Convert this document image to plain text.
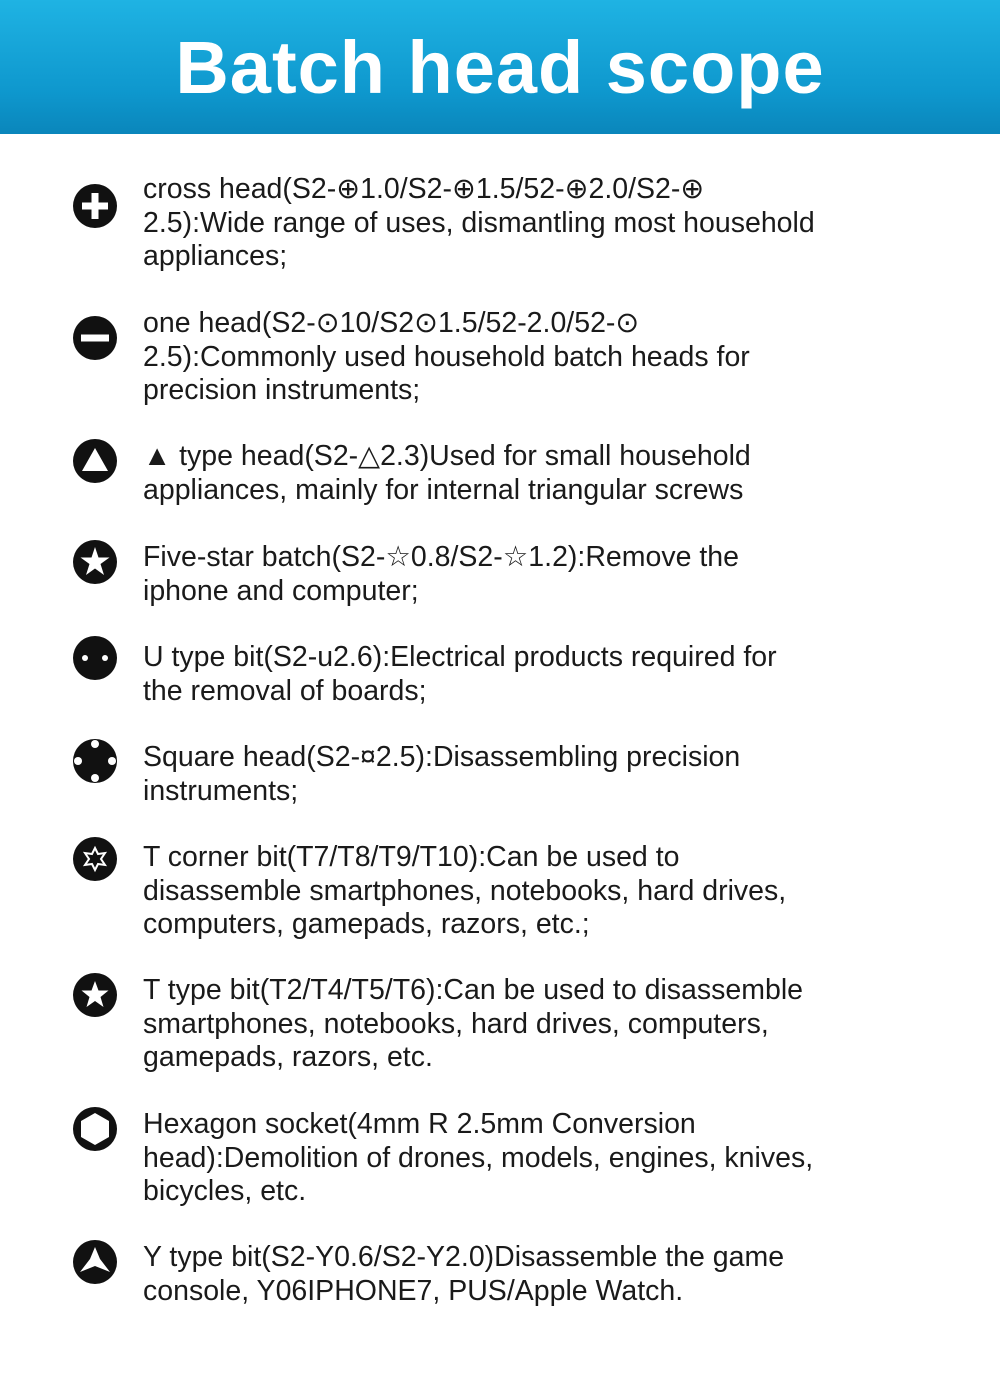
Batch head scope
cross head(S2-⊕1.0/S2-⊕1.5/52-⊕2.0/S2-⊕
2.5):Wide range of uses, dismantling most household
appliances;
one head(S2-⊙10/S2⊙1.5/52-2.0/52-⊙
2.5):Commonly used household batch heads for
precision instruments;
▲ type head(S2-△2.3)Used for small household
appliances, mainly for internal triangular screws
Five-star batch(S2-☆0.8/S2-☆1.2):Remove the
iphone and computer;
U type bit(S2-u2.6):Electrical products required for
the removal of boards;
Square head(S2-¤2.5):Disassembling precision
instruments;
T corner bit(T7/T8/T9/T10):Can be used to
disassemble smartphones, notebooks, hard drives,
computers, gamepads, razors, etc.;
T type bit(T2/T4/T5/T6):Can be used to disassemble
smartphones, notebooks, hard drives, computers,
gamepads, razors, etc.
Hexagon socket(4mm R 2.5mm Conversion
head):Demolition of drones, models, engines, knives,
bicycles, etc.
Y type bit(S2-Y0.6/S2-Y2.0)Disassemble the game
console, Y06IPHONE7, PUS/Apple Watch.
